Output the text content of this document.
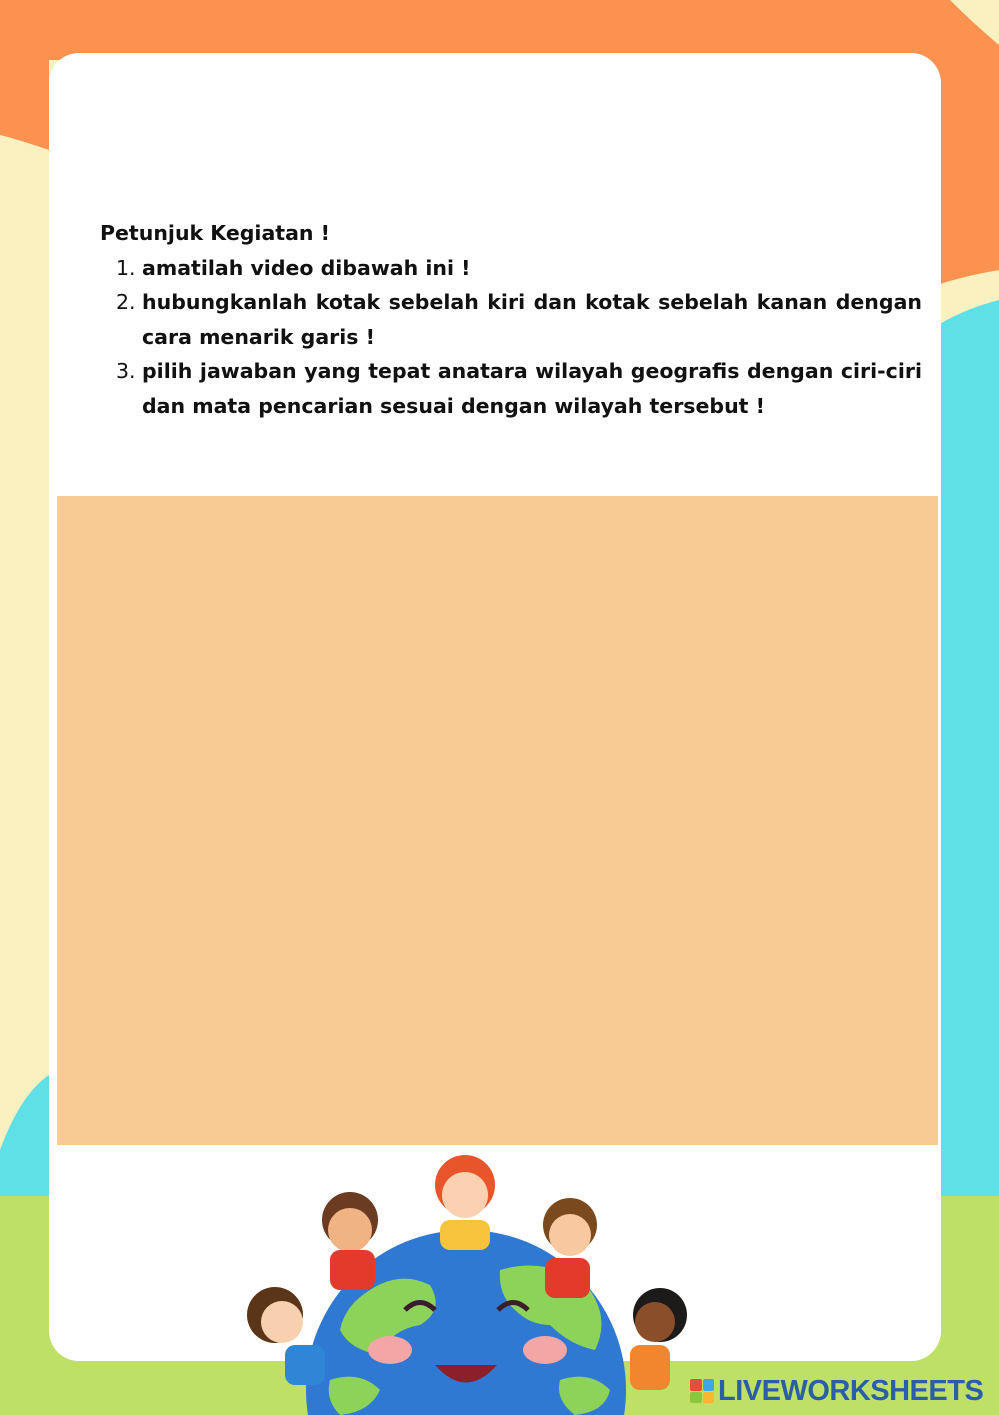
Petunjuk Kegiatan !
1. amatilah video dibawah ini !
2. hubungkanlah kotak sebelah kiri dan kotak sebelah kanan dengan cara menarik garis !
3. pilih jawaban yang tepat anatara wilayah geografis dengan ciri-ciri dan mata pencarian sesuai dengan wilayah tersebut !
LIVEWORKSHEETS
